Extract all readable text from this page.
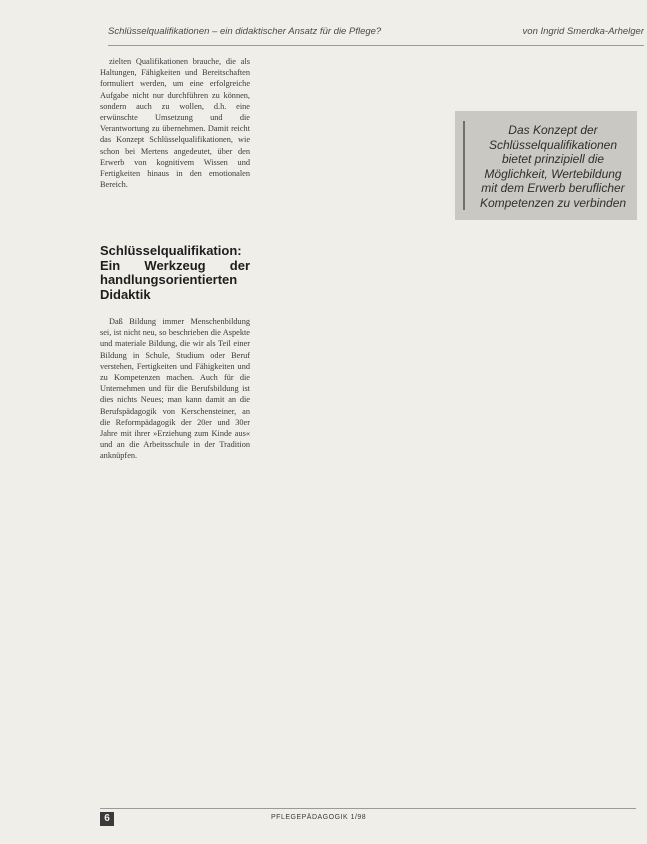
Schlüsselqualifikationen – ein didaktischer Ansatz für die Pflege?	von Ingrid Smerdka-Arhelger

zielten Qualifikationen brauche, die als Haltungen, Fähigkeiten und Bereitschaften formuliert werden, um eine erfolgreiche Aufgabe nicht nur durchführen zu können, sondern auch zu wollen, d.h. eine erwünschte Umsetzung und die Verantwortung zu übernehmen. Damit reicht das Konzept Schlüsselqualifikationen, wie schon bei Mertens angedeutet, über den Erwerb von kognitivem Wissen und Fertigkeiten hinaus in den emotionalen Bereich.

Schlüsselqualifikation: Ein Werkzeug der handlungsorientierten Didaktik

Daß Bildung immer Menschenbildung sei, ist nicht neu, so beschrieben die Aspekte und materiale Bildung, die wir als Teil einer Bildung in Schule, Studium oder Beruf verstehen, Fertigkeiten und Fähigkeiten und zu Kompetenzen machen. Auch für die Unternehmen und für die Berufsbildung ist dies nichts Neues; man kann damit an die Berufspädagogik von Kerschensteiner, an die Reformpädagogik der 20er und 30er Jahre mit ihrer »Erziehung zum Kinde aus« und an die Arbeitsschule in der Tradition anknüpfen.

Das Konzept der Schlüsselqualifikationen bietet prinzipiell die Möglichkeit, Wertebildung mit dem Erwerb beruflicher Kompetenzen zu verbinden

6	PFLEGEPÄDAGOGIK 1/98
